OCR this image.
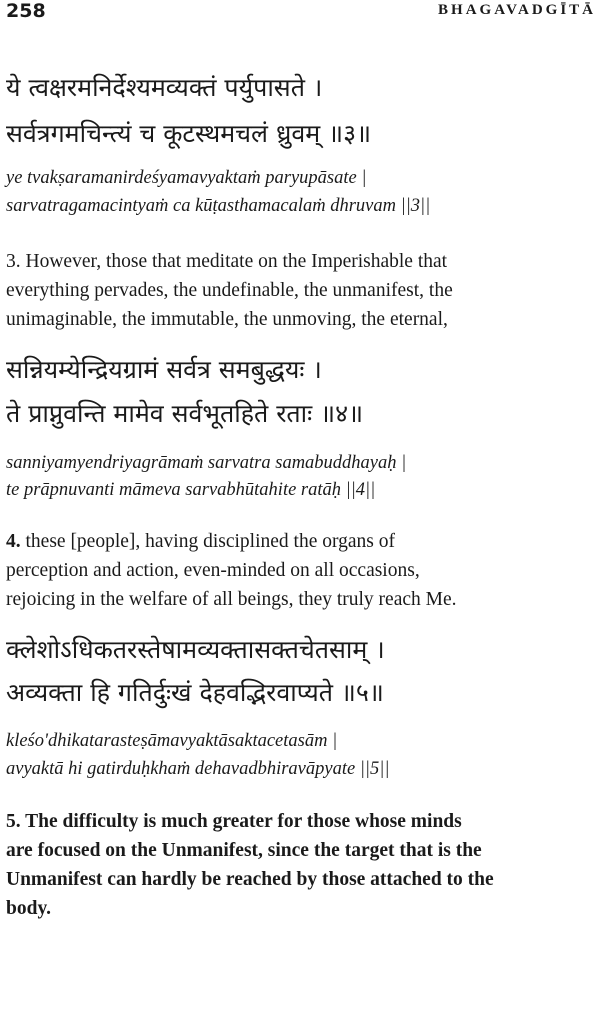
258	BHAGAVADGĪTĀ
ये त्वक्षरमनिर्देश्यमव्यक्तं पर्युपासते ।
सर्वत्रगमचिन्त्यं च कूटस्थमचलं ध्रुवम् ॥३॥
ye tvakṣaramanirdeśyamavyaktaṁ paryupāsate |
sarvatragamacintyaṁ ca kūṭasthamacalaṁ dhruvam ||3||
3. However, those that meditate on the Imperishable that
everything pervades, the undefinable, the unmanifest, the
unimaginable, the immutable, the unmoving, the eternal,
सन्नियम्येन्द्रियग्रामं सर्वत्र समबुद्धयः ।
ते प्राप्नुवन्ति मामेव सर्वभूतहिते रताः ॥४॥
sanniyamyendriyagrāmaṁ sarvatra samabuddhayaḥ |
te prāpnuvanti māmeva sarvabhūtahite ratāḥ ||4||
4. these [people], having disciplined the organs of
perception and action, even-minded on all occasions,
rejoicing in the welfare of all beings, they truly reach Me.
क्लेशोऽधिकतरस्तेषामव्यक्तासक्तचेतसाम् ।
अव्यक्ता हि गतिर्दुःखं देहवद्भिरवाप्यते ॥५॥
kleśo'dhikatarasteṣāmavyaktāsaktacetasām |
avyaktā hi gatirduḥkhaṁ dehavadbhiravāpyate ||5||
5. The difficulty is much greater for those whose minds
are focused on the Unmanifest, since the target that is the
Unmanifest can hardly be reached by those attached to the
body.
